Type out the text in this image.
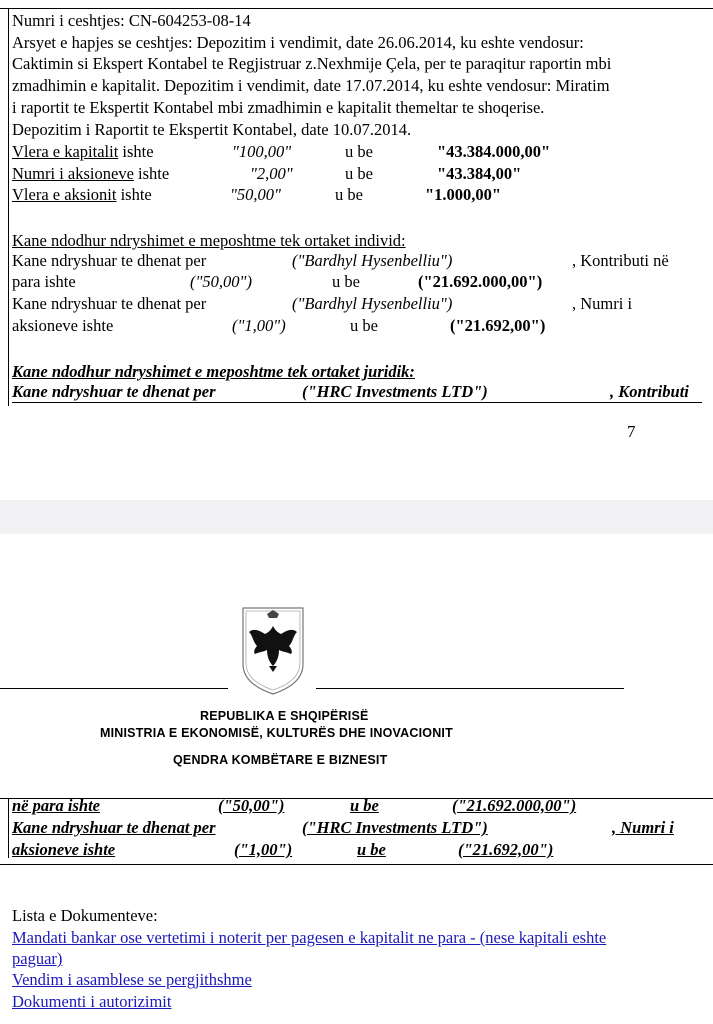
Numri i ceshtjes: CN-604253-08-14
Arsyet e hapjes se ceshtjes: Depozitim i vendimit, date 26.06.2014, ku eshte vendosur:
Caktimin si Ekspert Kontabel te Regjistruar z.Nexhmije Çela, per te paraqitur raportin mbi
zmadhimin e kapitalit. Depozitim i vendimit, date 17.07.2014, ku eshte vendosur: Miratim
i raportit te Ekspertit Kontabel mbi zmadhimin e kapitalit themeltar te shoqerise.
Depozitim i Raportit te Ekspertit Kontabel, date 10.07.2014.
Vlera e kapitalit ishte	"100,00"	u be	"43.384.000,00"
Numri i aksioneve ishte	"2,00"	u be	"43.384,00"
Vlera e aksionit ishte	"50,00"	u be	"1.000,00"
Kane ndodhur ndryshimet e meposhtme tek ortaket individ:
Kane ndryshuar te dhenat per	("Bardhyl Hysenbelliu")	, Kontributi në
para ishte	("50,00")	u be	("21.692.000,00")
Kane ndryshuar te dhenat per	("Bardhyl Hysenbelliu")	, Numri i
aksioneve ishte	("1,00")	u be	("21.692,00")
Kane ndodhur ndryshimet e meposhtme tek ortaket juridik:
Kane ndryshuar te dhenat per	("HRC Investments LTD")	, Kontributi
7
REPUBLIKA E SHQIPËRISË
MINISTRIA E EKONOMISË, KULTURËS DHE INOVACIONIT
QENDRA KOMBËTARE E BIZNESIT
në para ishte	("50,00")	u be	("21.692.000,00")
Kane ndryshuar te dhenat per	("HRC Investments LTD")	, Numri i
aksioneve ishte	("1,00")	u be	("21.692,00")
Lista e Dokumenteve:
Mandati bankar ose vertetimi i noterit per pagesen e kapitalit ne para - (nese kapitali eshte
paguar)
Vendim i asamblese se pergjithshme
Dokumenti i autorizimit
